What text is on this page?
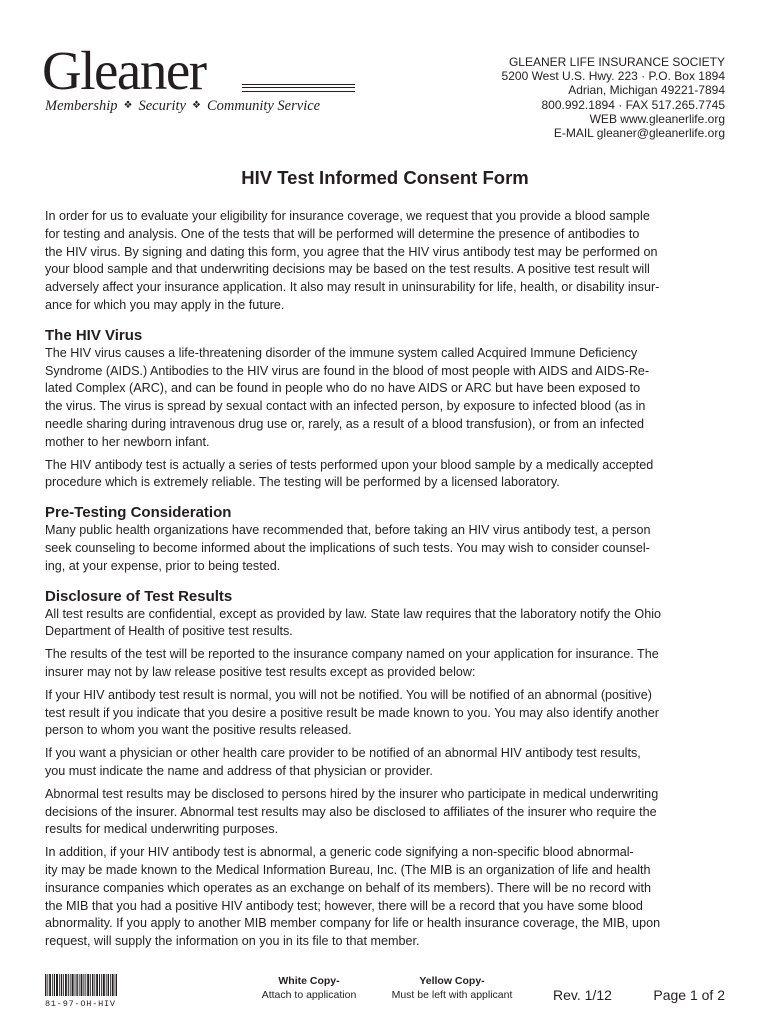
Gleaner
Membership ❖ Security ❖ Community Service
GLEANER LIFE INSURANCE SOCIETY
5200 West U.S. Hwy. 223 · P.O. Box 1894
Adrian, Michigan 49221-7894
800.992.1894 · FAX 517.265.7745
WEB www.gleanerlife.org
E-MAIL gleaner@gleanerlife.org
HIV Test Informed Consent Form
In order for us to evaluate your eligibility for insurance coverage, we request that you provide a blood sample
for testing and analysis. One of the tests that will be performed will determine the presence of antibodies to
the HIV virus. By signing and dating this form, you agree that the HIV virus antibody test may be performed on
your blood sample and that underwriting decisions may be based on the test results. A positive test result will
adversely affect your insurance application. It also may result in uninsurability for life, health, or disability insur-
ance for which you may apply in the future.
The HIV Virus
The HIV virus causes a life-threatening disorder of the immune system called Acquired Immune Deficiency
Syndrome (AIDS.) Antibodies to the HIV virus are found in the blood of most people with AIDS and AIDS-Re-
lated Complex (ARC), and can be found in people who do no have AIDS or ARC but have been exposed to
the virus. The virus is spread by sexual contact with an infected person, by exposure to infected blood (as in
needle sharing during intravenous drug use or, rarely, as a result of a blood transfusion), or from an infected
mother to her newborn infant.
The HIV antibody test is actually a series of tests performed upon your blood sample by a medically accepted
procedure which is extremely reliable. The testing will be performed by a licensed laboratory.
Pre-Testing Consideration
Many public health organizations have recommended that, before taking an HIV virus antibody test, a person
seek counseling to become informed about the implications of such tests. You may wish to consider counsel-
ing, at your expense, prior to being tested.
Disclosure of Test Results
All test results are confidential, except as provided by law. State law requires that the laboratory notify the Ohio
Department of Health of positive test results.
The results of the test will be reported to the insurance company named on your application for insurance. The
insurer may not by law release positive test results except as provided below:
If your HIV antibody test result is normal, you will not be notified. You will be notified of an abnormal (positive)
test result if you indicate that you desire a positive result be made known to you. You may also identify another
person to whom you want the positive results released.
If you want a physician or other health care provider to be notified of an abnormal HIV antibody test results,
you must indicate the name and address of that physician or provider.
Abnormal test results may be disclosed to persons hired by the insurer who participate in medical underwriting
decisions of the insurer. Abnormal test results may also be disclosed to affiliates of the insurer who require the
results for medical underwriting purposes.
In addition, if your HIV antibody test is abnormal, a generic code signifying a non-specific blood abnormal-
ity may be made known to the Medical Information Bureau, Inc. (The MIB is an organization of life and health
insurance companies which operates as an exchange on behalf of its members). There will be no record with
the MIB that you had a positive HIV antibody test; however, there will be a record that you have some blood
abnormality. If you apply to another MIB member company for life or health insurance coverage, the MIB, upon
request, will supply the information on you in its file to that member.
81-97-OH-HIV
White Copy-
Attach to application
Yellow Copy-
Must be left with applicant	Rev. 1/12	Page 1 of 2
